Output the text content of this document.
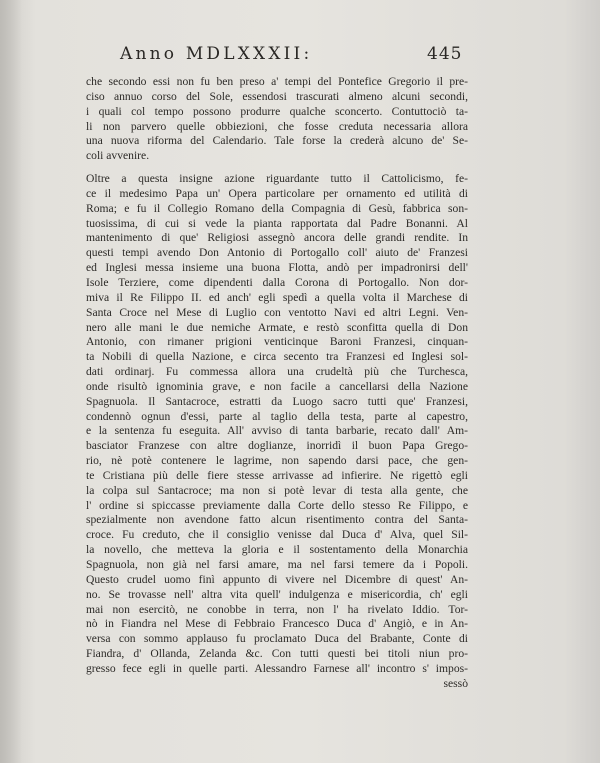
Anno MDLXXXII:	445
che secondo essi non fu ben preso a' tempi del Pontefice Gregorio il pre-
ciso annuo corso del Sole, essendosi trascurati almeno alcuni secondi,
i quali col tempo possono produrre qualche sconcerto. Contuttociò ta-
li non parvero quelle obbiezioni, che fosse creduta necessaria allora
una nuova riforma del Calendario. Tale forse la crederà alcuno de' Se-
coli avvenire.
Oltre a questa insigne azione riguardante tutto il Cattolicismo, fe-
ce il medesimo Papa un' Opera particolare per ornamento ed utilità di
Roma; e fu il Collegio Romano della Compagnia di Gesù, fabbrica son-
tuosissima, di cui si vede la pianta rapportata dal Padre Bonanni. Al
mantenimento di que' Religiosi assegnò ancora delle grandi rendite. In
questi tempi avendo Don Antonio di Portogallo coll' aiuto de' Franzesi
ed Inglesi messa insieme una buona Flotta, andò per impadronirsi dell'
Isole Terziere, come dipendenti dalla Corona di Portogallo. Non dor-
miva il Re Filippo II. ed anch' egli spedì a quella volta il Marchese di
Santa Croce nel Mese di Luglio con ventotto Navi ed altri Legni. Ven-
nero alle mani le due nemiche Armate, e restò sconfitta quella di Don
Antonio, con rimaner prigioni venticinque Baroni Franzesi, cinquan-
ta Nobili di quella Nazione, e circa secento tra Franzesi ed Inglesi sol-
dati ordinarj. Fu commessa allora una crudeltà più che Turchesca,
onde risultò ignominia grave, e non facile a cancellarsi della Nazione
Spagnuola. Il Santacroce, estratti da Luogo sacro tutti que' Franzesi,
condennò ognun d'essi, parte al taglio della testa, parte al capestro,
e la sentenza fu eseguita. All' avviso di tanta barbarie, recato dall' Am-
basciator Franzese con altre doglianze, inorridì il buon Papa Grego-
rio, nè potè contenere le lagrime, non sapendo darsi pace, che gen-
te Cristiana più delle fiere stesse arrivasse ad infierire. Ne rigettò egli
la colpa sul Santacroce; ma non si potè levar di testa alla gente, che
l' ordine si spiccasse previamente dalla Corte dello stesso Re Filippo, e
spezialmente non avendone fatto alcun risentimento contra del Santa-
croce. Fu creduto, che il consiglio venisse dal Duca d' Alva, quel Sil-
la novello, che metteva la gloria e il sostentamento della Monarchia
Spagnuola, non già nel farsi amare, ma nel farsi temere da i Popoli.
Questo crudel uomo finì appunto di vivere nel Dicembre di quest' An-
no. Se trovasse nell' altra vita quell' indulgenza e misericordia, ch' egli
mai non esercitò, ne conobbe in terra, non l' ha rivelato Iddio. Tor-
nò in Fiandra nel Mese di Febbraio Francesco Duca d' Angiò, e in An-
versa con sommo applauso fu proclamato Duca del Brabante, Conte di
Fiandra, d' Ollanda, Zelanda &c. Con tutti questi bei titoli niun pro-
gresso fece egli in quelle parti. Alessandro Farnese all' incontro s' impos-
sessò
